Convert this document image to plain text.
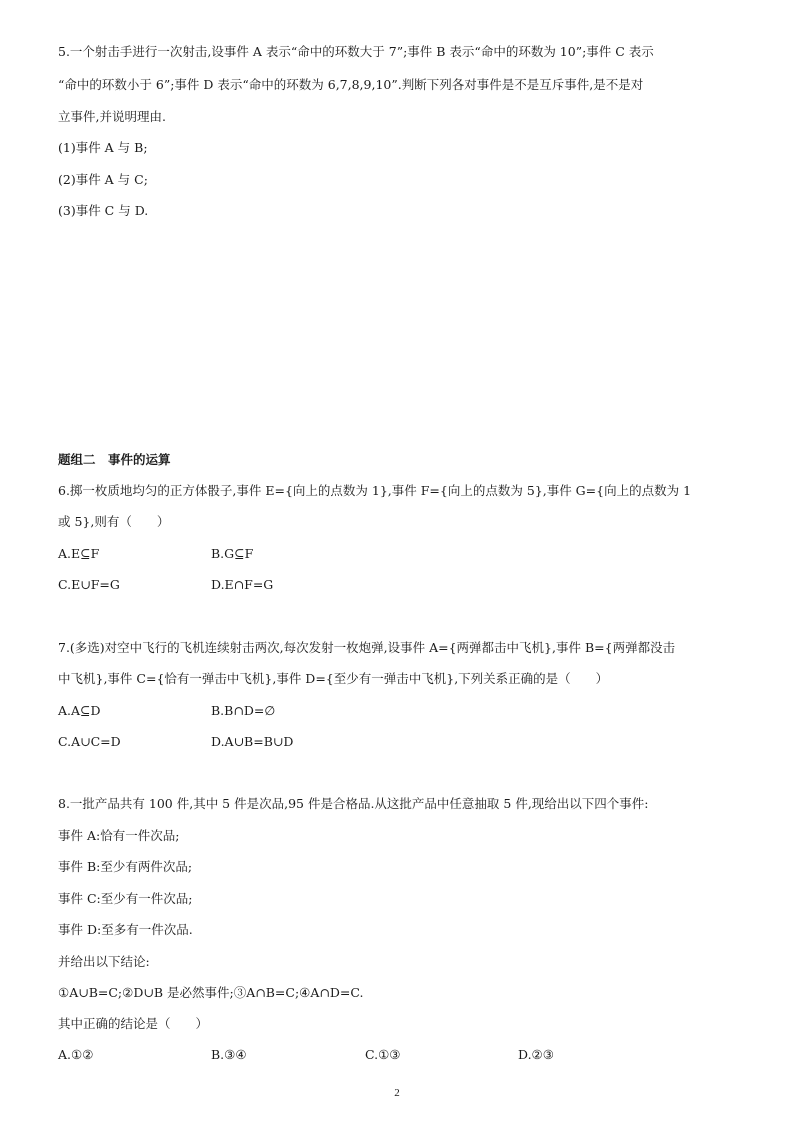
5.一个射击手进行一次射击,设事件 A 表示“命中的环数大于 7”;事件 B 表示“命中的环数为 10”;事件 C 表示
“命中的环数小于 6”;事件 D 表示“命中的环数为 6,7,8,9,10”.判断下列各对事件是不是互斥事件,是不是对
立事件,并说明理由.
(1)事件 A 与 B;
(2)事件 A 与 C;
(3)事件 C 与 D.
题组二　事件的运算
6.掷一枚质地均匀的正方体骰子,事件 E={向上的点数为 1},事件 F={向上的点数为 5},事件 G={向上的点数为 1
或 5},则有（　　）
A.E⊆F	B.G⊆F
C.E∪F=G	D.E∩F=G
7.(多选)对空中飞行的飞机连续射击两次,每次发射一枚炮弹,设事件 A={两弹都击中飞机},事件 B={两弹都没击
中飞机},事件 C={恰有一弹击中飞机},事件 D={至少有一弹击中飞机},下列关系正确的是（　　）
A.A⊆D	B.B∩D=∅
C.A∪C=D	D.A∪B=B∪D
8.一批产品共有 100 件,其中 5 件是次品,95 件是合格品.从这批产品中任意抽取 5 件,现给出以下四个事件:
事件 A:恰有一件次品;
事件 B:至少有两件次品;
事件 C:至少有一件次品;
事件 D:至多有一件次品.
并给出以下结论:
①A∪B=C;②D∪B 是必然事件;③A∩B=C;④A∩D=C.
其中正确的结论是（　　）
A.①②	B.③④	C.①③	D.②③
2
